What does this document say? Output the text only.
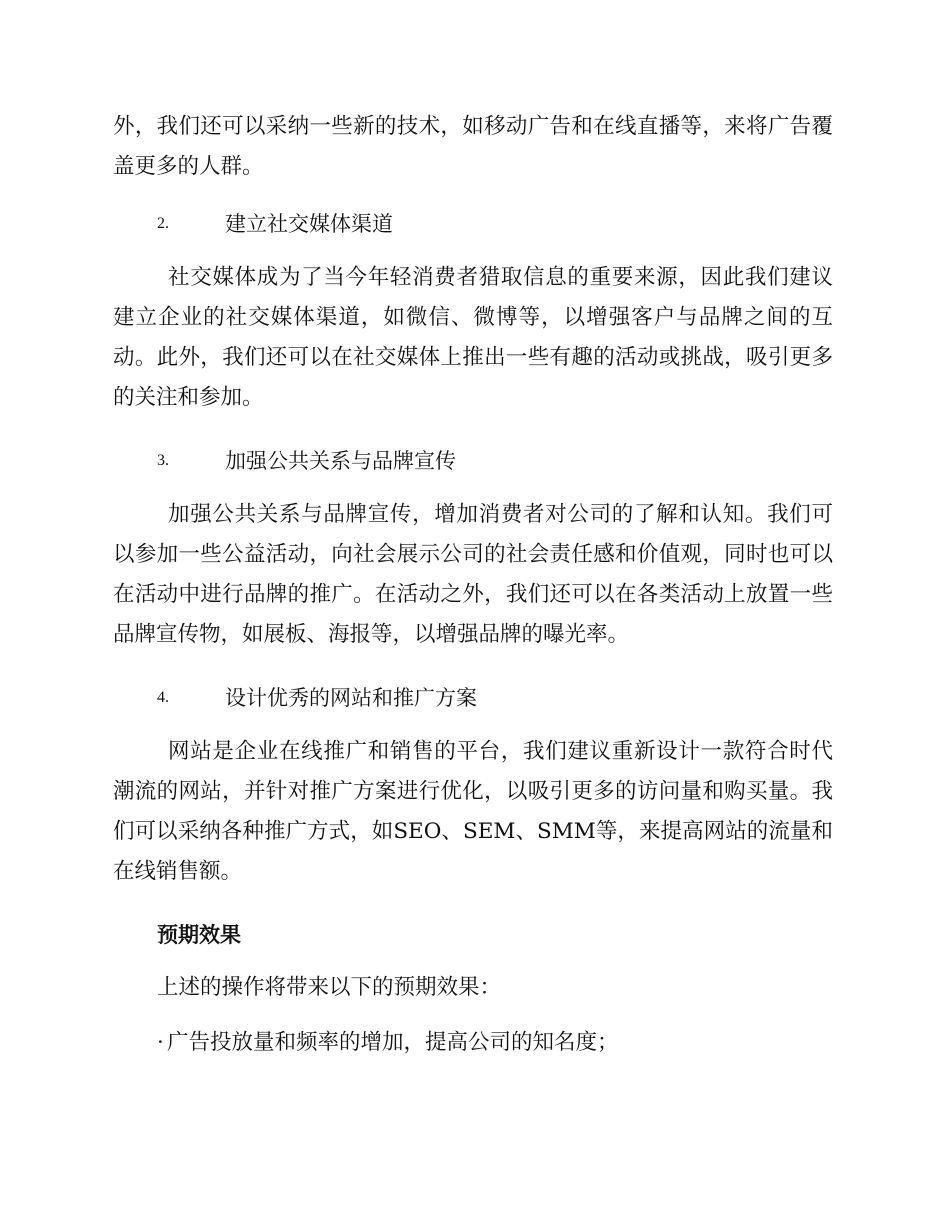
外，我们还可以采纳一些新的技术，如移动广告和在线直播等，来将广告覆盖更多的人群。

2.	建立社交媒体渠道

社交媒体成为了当今年轻消费者猎取信息的重要来源，因此我们建议建立企业的社交媒体渠道，如微信、微博等，以增强客户与品牌之间的互动。此外，我们还可以在社交媒体上推出一些有趣的活动或挑战，吸引更多的关注和参加。

3.	加强公共关系与品牌宣传

加强公共关系与品牌宣传，增加消费者对公司的了解和认知。我们可以参加一些公益活动，向社会展示公司的社会责任感和价值观，同时也可以在活动中进行品牌的推广。在活动之外，我们还可以在各类活动上放置一些品牌宣传物，如展板、海报等，以增强品牌的曝光率。

4.	设计优秀的网站和推广方案

网站是企业在线推广和销售的平台，我们建议重新设计一款符合时代潮流的网站，并针对推广方案进行优化，以吸引更多的访问量和购买量。我们可以采纳各种推广方式，如SEO、SEM、SMM等，来提高网站的流量和在线销售额。

预期效果
上述的操作将带来以下的预期效果：
· 广告投放量和频率的增加，提高公司的知名度；
